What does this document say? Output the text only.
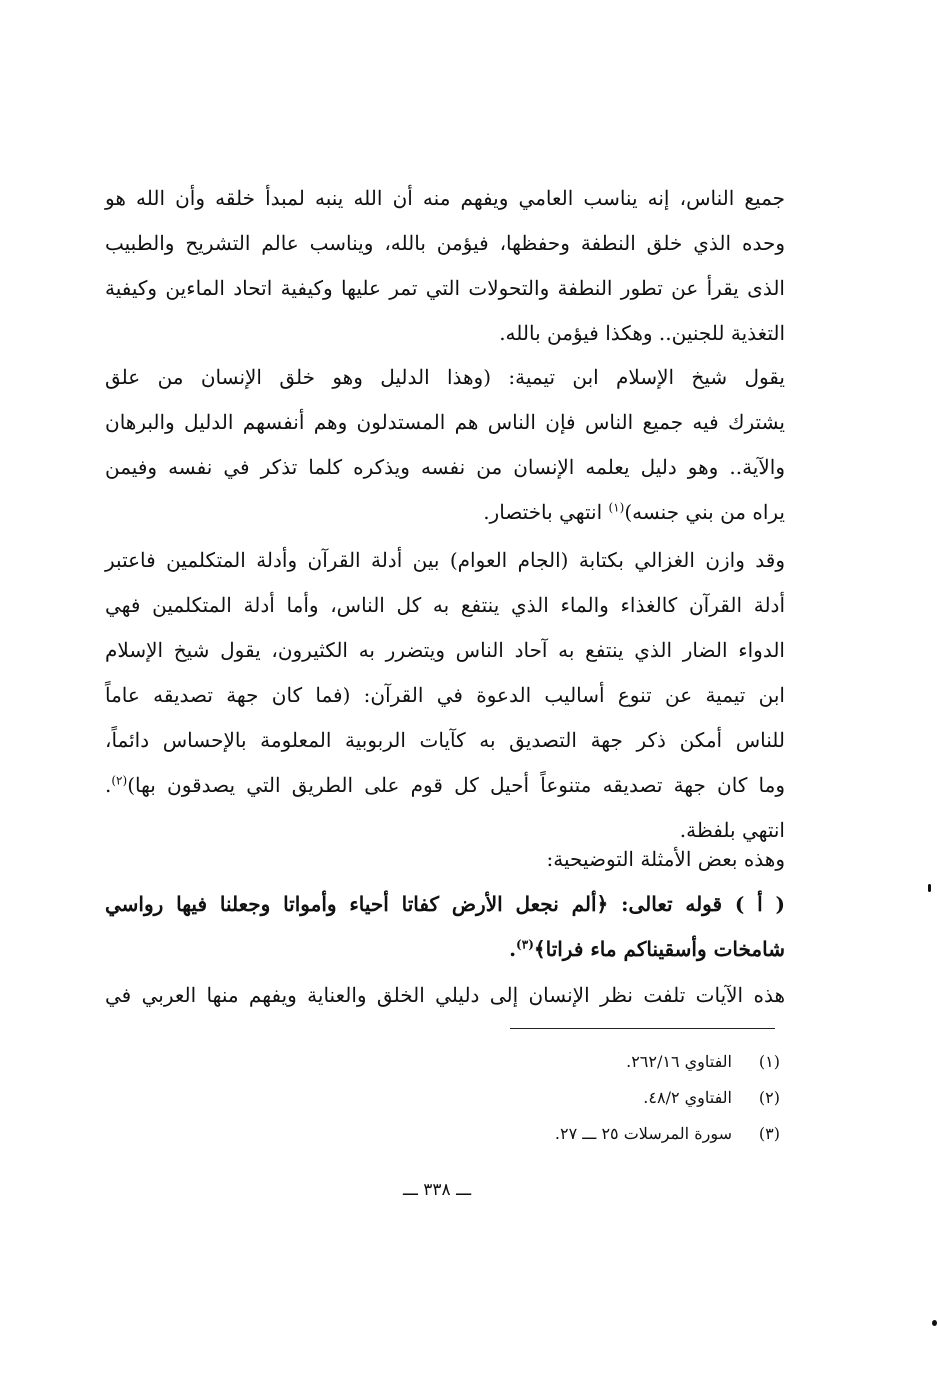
جميع الناس، إنه يناسب العامي ويفهم منه أن الله ينبه لمبدأ خلقه وأن الله هو
وحده الذي خلق النطفة وحفظها، فيؤمن بالله، ويناسب عالم التشريح والطبيب
الذى يقرأ عن تطور النطفة والتحولات التي تمر عليها وكيفية اتحاد الماءين وكيفية
التغذية للجنين.. وهكذا فيؤمن بالله.
يقول شيخ الإسلام ابن تيمية: (وهذا الدليل وهو خلق الإنسان من علق
يشترك فيه جميع الناس فإن الناس هم المستدلون وهم أنفسهم الدليل والبرهان
والآية.. وهو دليل يعلمه الإنسان من نفسه ويذكره كلما تذكر في نفسه وفيمن
يراه من بني جنسه)$^{(١)}$ انتهي باختصار.
وقد وازن الغزالي بكتابة (الجام العوام) بين أدلة القرآن وأدلة المتكلمين فاعتبر
أدلة القرآن كالغذاء والماء الذي ينتفع به كل الناس، وأما أدلة المتكلمين فهي
الدواء الضار الذي ينتفع به آحاد الناس ويتضرر به الكثيرون، يقول شيخ الإسلام
ابن تيمية عن تنوع أساليب الدعوة في القرآن: (فما كان جهة تصديقه عاماً
للناس أمكن ذكر جهة التصديق به كآيات الربوبية المعلومة بالإحساس دائماً،
وما كان جهة تصديقه متنوعاً أحيل كل قوم على الطريق التي يصدقون بها)$^{(٢)}$.
انتهي بلفظة.
وهذه بعض الأمثلة التوضيحية:
( أ ) قوله تعالى: ﴿ألم نجعل الأرض كفاتا أحياء وأمواتا وجعلنا فيها رواسي
شامخات وأسقيناكم ماء فراتا﴾$^{(٣)}$.
هذه الآيات تلفت نظر الإنسان إلى دليلي الخلق والعناية ويفهم منها العربي في
(١)
الفتاوي ٢٦٢/١٦.
(٢)
الفتاوي ٤٨/٢.
(٣)
سورة المرسلات ٢٥ ـــ ٢٧.
ـــ ٣٣٨ ـــ
